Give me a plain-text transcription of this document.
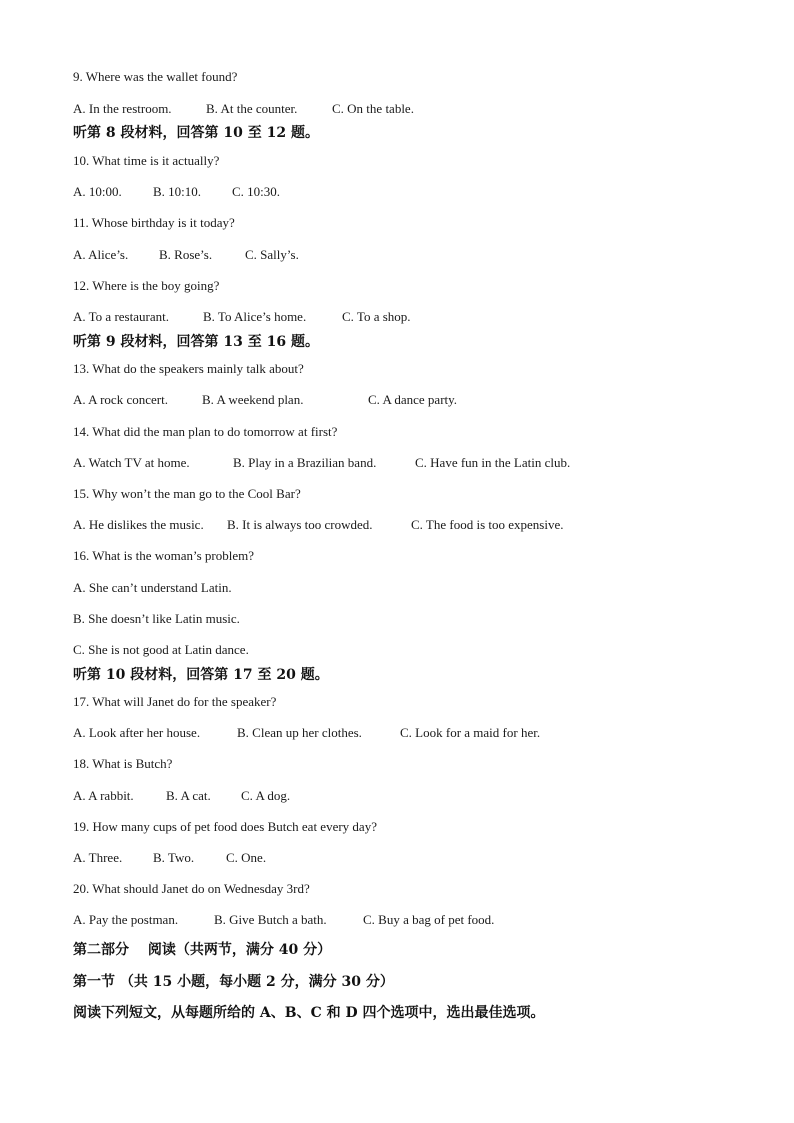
9. Where was the wallet found?
A. In the restroom.	B. At the counter.	C. On the table.
听第 8 段材料，回答第 10 至 12 题。
10. What time is it actually?
A. 10:00. B. 10:10. C. 10:30.
11. Whose birthday is it today?
A. Alice’s. B. Rose’s.	C. Sally’s.
12. Where is the boy going?
A. To a restaurant.	B. To Alice’s home.	C. To a shop.
听第 9 段材料，回答第 13 至 16 题。
13. What do the speakers mainly talk about?
A. A rock concert.	B. A weekend plan.	C. A dance party.
14. What did the man plan to do tomorrow at first?
A. Watch TV at home.	B. Play in a Brazilian band.	C. Have fun in the Latin club.
15. Why won’t the man go to the Cool Bar?
A. He dislikes the music. B. It is always too crowded.	C. The food is too expensive.
16. What is the woman’s problem?
A. She can’t understand Latin.
B. She doesn’t like Latin music.
C. She is not good at Latin dance.
听第 10 段材料，回答第 17 至 20 题。
17. What will Janet do for the speaker?
A. Look after her house.	B. Clean up her clothes.	C. Look for a maid for her.
18. What is Butch?
A. A rabbit. B. A cat. C. A dog.
19. How many cups of pet food does Butch eat every day?
A. Three. B. Two. C. One.
20. What should Janet do on Wednesday 3rd?
A. Pay the postman.	B. Give Butch a bath.	C. Buy a bag of pet food.
第二部分　 阅读（共两节，满分 40 分）
第一节 （共 15 小题，每小题 2 分，满分 30 分）
阅读下列短文，从每题所给的 A、B、C 和 D 四个选项中，选出最佳选项。
